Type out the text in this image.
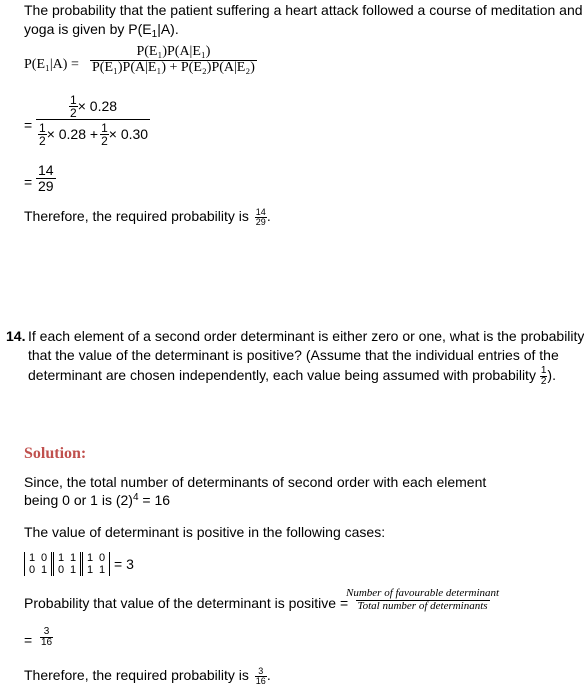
The probability that the patient suffering a heart attack followed a course of meditation and
yoga is given by $P(E_1|A)$.
$P(E_1|A) = \frac{\text{P(E₁)P(A|E₁)}}{\text{P(E₁)P(A|E₁) + P(E₂)P(A|E₂)}}$
=
$\frac{1}{2} \times 0.28$
$\frac{1}{2} \times 0.28 + \frac{1}{2} \times 0.30$
= $\frac{14}{29}$
Therefore, the required probability is $\frac{14}{29}$ .
14. If each element of a second order determinant is either zero or one, what is the probability
that the value of the determinant is positive? (Assume that the individual entries of the
determinant are chosen independently, each value being assumed with probability $\frac{1}{2}$ ).
Solution:
Since, the total number of determinants of second order with each element
being 0 or 1 is $(2)^4 = 16$
The value of determinant is positive in the following cases:
1 0
0 1
1 1
0 1
1 0
1 1 = 3
Probability that value of the determinant is positive =
$\frac{\text{Number of favourable determinant}}{\text{Total number of determinants}}$
= $\frac{3}{16}$
Therefore, the required probability is $\frac{3}{16}$ .
